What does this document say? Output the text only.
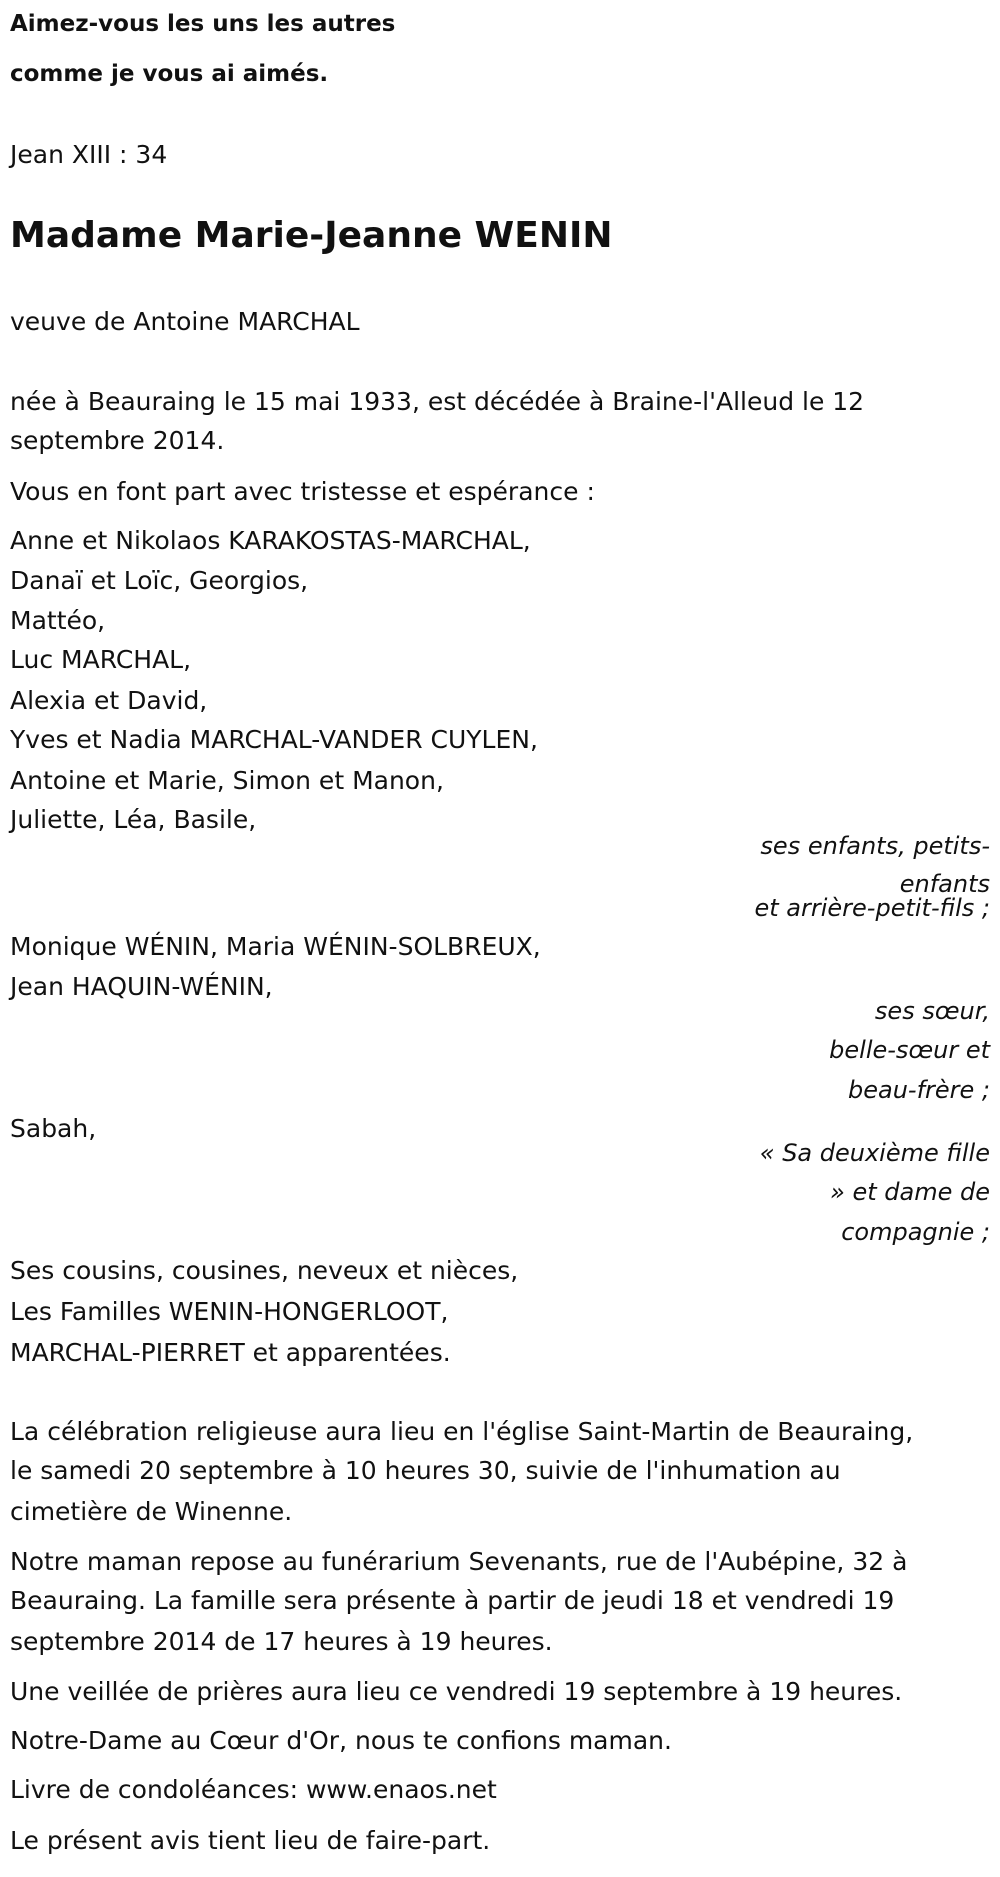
Aimez-vous les uns les autres
comme je vous ai aimés.
Jean XIII : 34
Madame Marie-Jeanne WENIN
veuve de Antoine MARCHAL
née à Beauraing le 15 mai 1933, est décédée à Braine-l'Alleud le 12
septembre 2014.
Vous en font part avec tristesse et espérance :
Anne et Nikolaos KARAKOSTAS-MARCHAL,
Danaï et Loïc, Georgios,
Mattéo,
Luc MARCHAL,
Alexia et David,
Yves et Nadia MARCHAL-VANDER CUYLEN,
Antoine et Marie, Simon et Manon,
Juliette, Léa, Basile,
ses enfants, petits-
enfants
et arrière-petit-fils ;
Monique WÉNIN, Maria WÉNIN-SOLBREUX,
Jean HAQUIN-WÉNIN,
ses sœur,
belle-sœur et
beau-frère ;
Sabah,
« Sa deuxième fille
» et dame de
compagnie ;
Ses cousins, cousines, neveux et nièces,
Les Familles WENIN-HONGERLOOT,
MARCHAL-PIERRET et apparentées.
La célébration religieuse aura lieu en l'église Saint-Martin de Beauraing,
le samedi 20 septembre à 10 heures 30, suivie de l'inhumation au
cimetière de Winenne.
Notre maman repose au funérarium Sevenants, rue de l'Aubépine, 32 à
Beauraing. La famille sera présente à partir de jeudi 18 et vendredi 19
septembre 2014 de 17 heures à 19 heures.
Une veillée de prières aura lieu ce vendredi 19 septembre à 19 heures.
Notre-Dame au Cœur d'Or, nous te confions maman.
Livre de condoléances: www.enaos.net
Le présent avis tient lieu de faire-part.
